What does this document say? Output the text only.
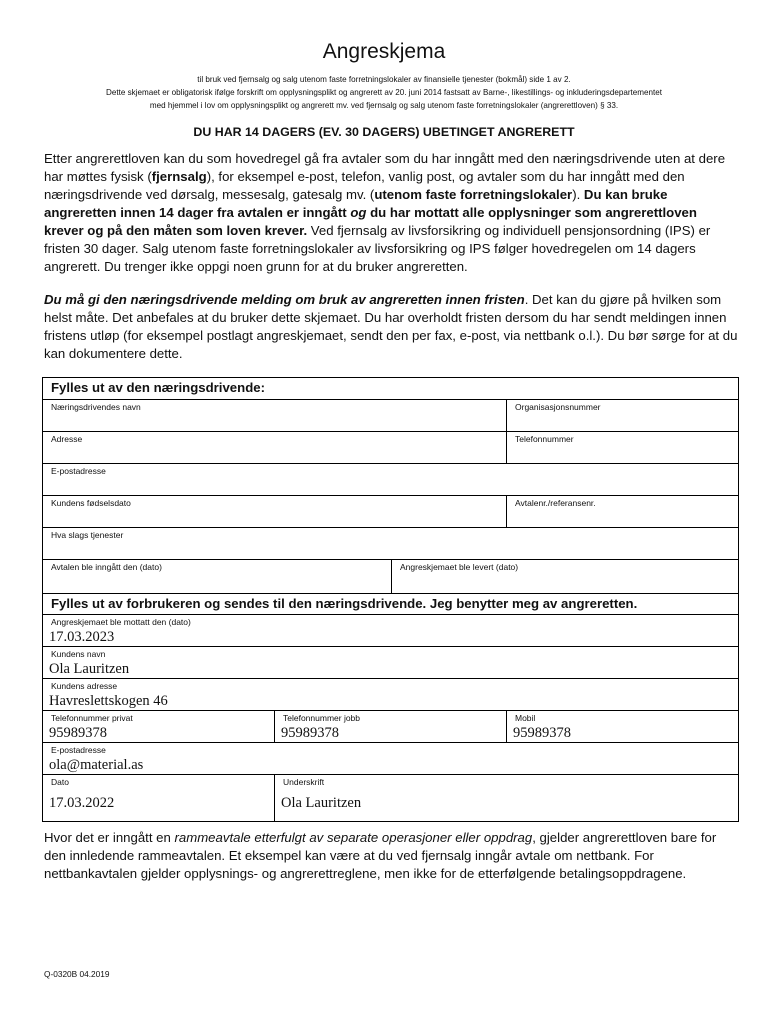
Angreskjema
til bruk ved fjernsalg og salg utenom faste forretningslokaler av finansielle tjenester (bokmål) side 1 av 2.
Dette skjemaet er obligatorisk ifølge forskrift om opplysningsplikt og angrerett av 20. juni 2014 fastsatt av Barne-, likestillings- og inkluderingsdepartementet
med hjemmel i lov om opplysningsplikt og angrerett mv. ved fjernsalg og salg utenom faste forretningslokaler (angrerettloven) § 33.
DU HAR 14 DAGERS (EV. 30 DAGERS) UBETINGET ANGRERETT

Etter angrerettloven kan du som hovedregel gå fra avtaler som du har inngått med den næringsdrivende uten at dere har møttes fysisk (fjernsalg), for eksempel e-post, telefon, vanlig post, og avtaler som du har inngått med den næringsdrivende ved dørsalg, messesalg, gatesalg mv. (utenom faste forretningslokaler). Du kan bruke angreretten innen 14 dager fra avtalen er inngått og du har mottatt alle opplysninger som angrerettloven krever og på den måten som loven krever. Ved fjernsalg av livsforsikring og individuell pensjonsordning (IPS) er fristen 30 dager. Salg utenom faste forretningslokaler av livsforsikring og IPS følger hovedregelen om 14 dagers angrerett. Du trenger ikke oppgi noen grunn for at du bruker angreretten.

Du må gi den næringsdrivende melding om bruk av angreretten innen fristen. Det kan du gjøre på hvilken som helst måte. Det anbefales at du bruker dette skjemaet. Du har overholdt fristen dersom du har sendt meldingen innen fristens utløp (for eksempel postlagt angreskjemaet, sendt den per fax, e-post, via nettbank o.l.). Du bør sørge for at du kan dokumentere dette.

Fylles ut av den næringsdrivende:
Næringsdrivendes navn	Organisasjonsnummer
Adresse	Telefonnummer
E-postadresse
Kundens fødselsdato	Avtalenr./referansenr.
Hva slags tjenester
Avtalen ble inngått den (dato)	Angreskjemaet ble levert (dato)
Fylles ut av forbrukeren og sendes til den næringsdrivende. Jeg benytter meg av angreretten.
Angreskjemaet ble mottatt den (dato)
17.03.2023
Kundens navn
Ola Lauritzen
Kundens adresse
Havreslettskogen 46
Telefonnummer privat
95989378
Telefonnummer jobb
95989378
Mobil
95989378
E-postadresse
ola@material.as
Dato
17.03.2022
Underskrift
Ola Lauritzen

Hvor det er inngått en rammeavtale etterfulgt av separate operasjoner eller oppdrag, gjelder angrerettloven bare for den innledende rammeavtalen. Et eksempel kan være at du ved fjernsalg inngår avtale om nettbank. For nettbankavtalen gjelder opplysnings- og angrerettreglene, men ikke for de etterfølgende betalingsoppdragene.

Q-0320B 04.2019
